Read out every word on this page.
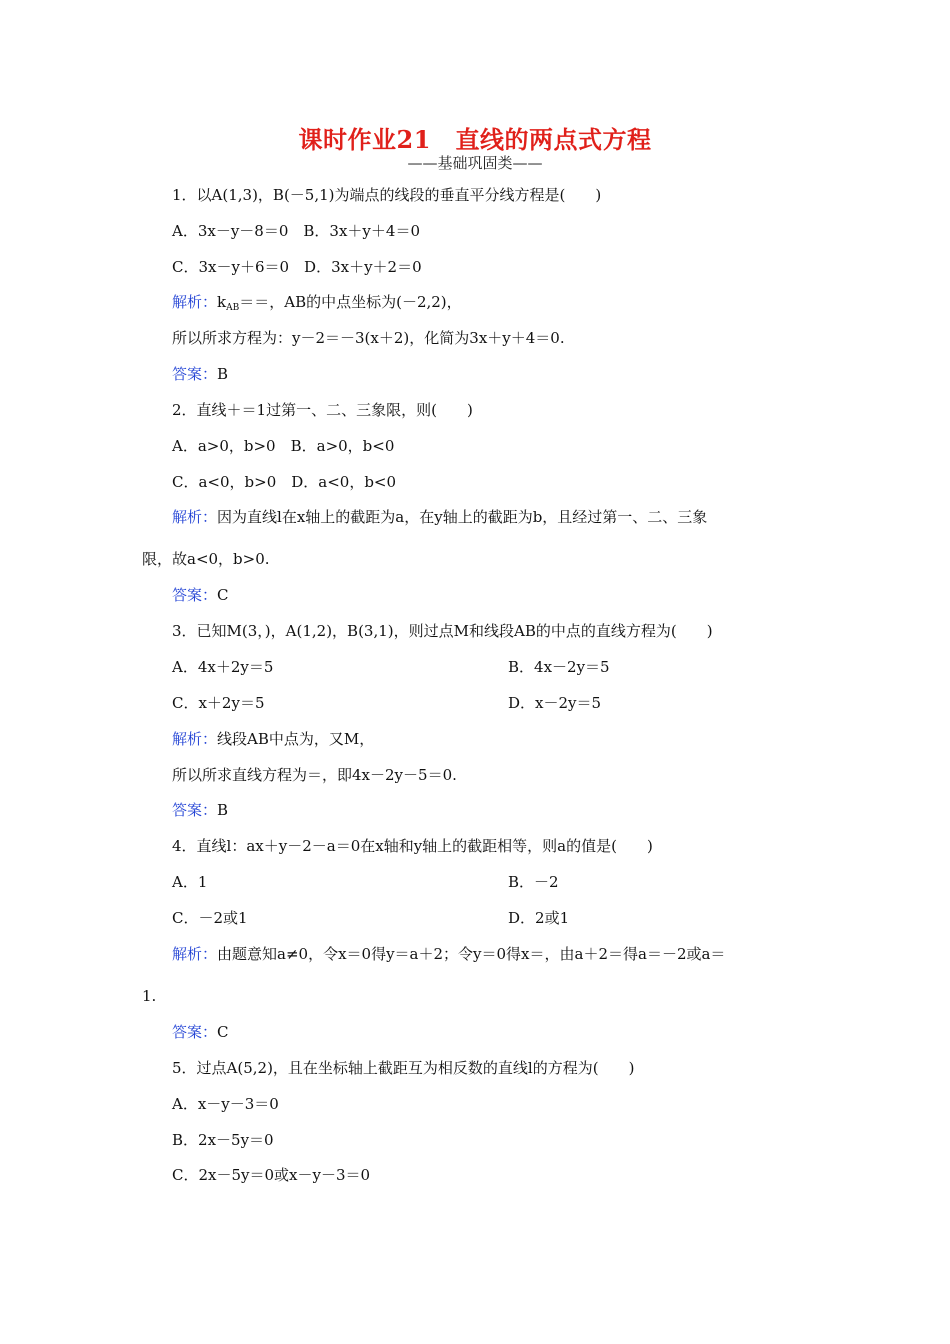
课时作业21　直线的两点式方程
——基础巩固类——
1．以A(1,3)，B(－5,1)为端点的线段的垂直平分线方程是(　　)
A．3x－y－8＝0　B．3x＋y＋4＝0
C．3x－y＋6＝0　D．3x＋y＋2＝0
解析：$k_{AB}==$，AB的中点坐标为(－2,2)，
所以所求方程为：y－2＝－3(x＋2)，化简为3x＋y＋4＝0.
答案：B
2．直线＋＝1过第一、二、三象限，则(　　)
A．a>0，b>0　B．a>0，b<0
C．a<0，b>0　D．a<0，b<0
解析：因为直线l在x轴上的截距为a，在y轴上的截距为b，且经过第一、二、三象
限，故a<0，b>0.
答案：C
3．已知M(3，)，A(1,2)，B(3,1)，则过点M和线段AB的中点的直线方程为(　　)
A．4x＋2y＝5	B．4x－2y＝5
C．x＋2y＝5	D．x－2y＝5
解析：线段AB中点为，又M，
所以所求直线方程为＝，即4x－2y－5＝0.
答案：B
4．直线l：ax＋y－2－a＝0在x轴和y轴上的截距相等，则a的值是(　　)
A．1	B．－2
C．－2或1	D．2或1
解析：由题意知a≠0，令x＝0得y＝a＋2；令y＝0得x＝，由a＋2＝得a＝－2或a＝
1.
答案：C
5．过点A(5,2)，且在坐标轴上截距互为相反数的直线l的方程为(　　)
A．x－y－3＝0
B．2x－5y＝0
C．2x－5y＝0或x－y－3＝0
